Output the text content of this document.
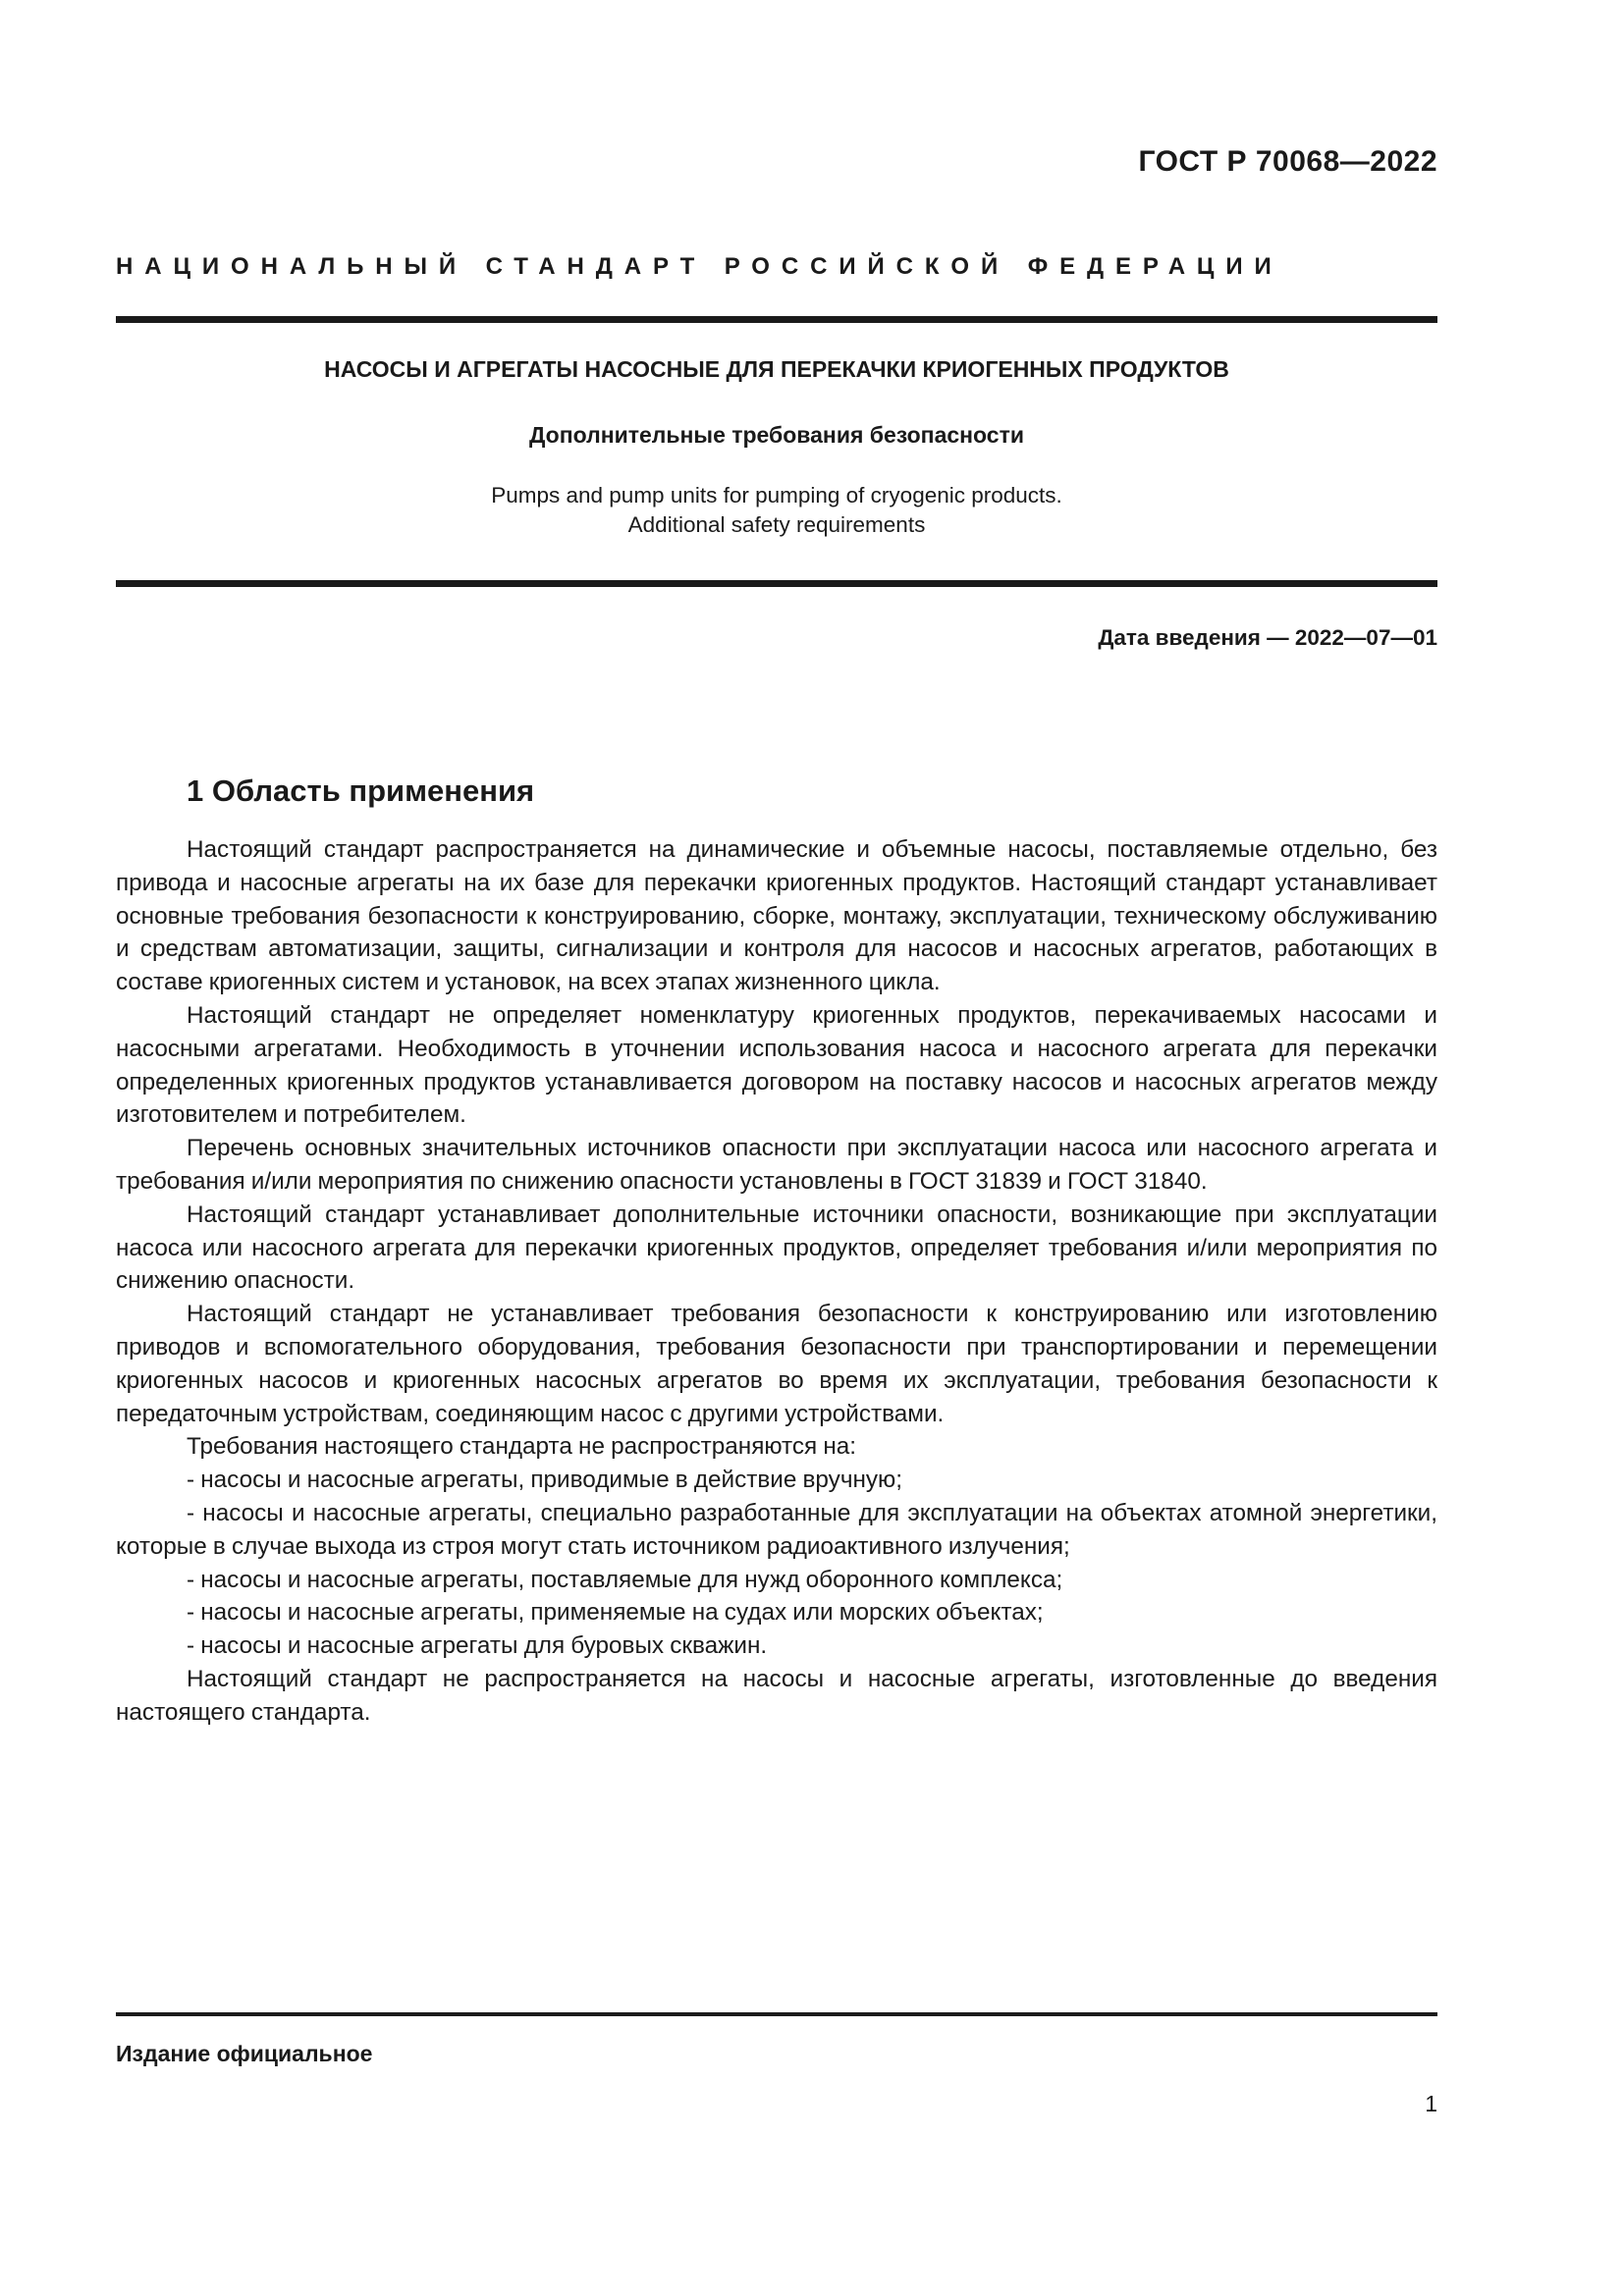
ГОСТ Р 70068—2022
НАЦИОНАЛЬНЫЙ СТАНДАРТ РОССИЙСКОЙ ФЕДЕРАЦИИ
НАСОСЫ И АГРЕГАТЫ НАСОСНЫЕ ДЛЯ ПЕРЕКАЧКИ КРИОГЕННЫХ ПРОДУКТОВ
Дополнительные требования безопасности
Pumps and pump units for pumping of cryogenic products.
Additional safety requirements
Дата введения — 2022—07—01
1 Область применения

Настоящий стандарт распространяется на динамические и объемные насосы, поставляемые отдельно, без привода и насосные агрегаты на их базе для перекачки криогенных продуктов. Настоящий стандарт устанавливает основные требования безопасности к конструированию, сборке, монтажу, эксплуатации, техническому обслуживанию и средствам автоматизации, защиты, сигнализации и контроля для насосов и насосных агрегатов, работающих в составе криогенных систем и установок, на всех этапах жизненного цикла.

Настоящий стандарт не определяет номенклатуру криогенных продуктов, перекачиваемых насосами и насосными агрегатами. Необходимость в уточнении использования насоса и насосного агрегата для перекачки определенных криогенных продуктов устанавливается договором на поставку насосов и насосных агрегатов между изготовителем и потребителем.

Перечень основных значительных источников опасности при эксплуатации насоса или насосного агрегата и требования и/или мероприятия по снижению опасности установлены в ГОСТ 31839 и ГОСТ 31840.

Настоящий стандарт устанавливает дополнительные источники опасности, возникающие при эксплуатации насоса или насосного агрегата для перекачки криогенных продуктов, определяет требования и/или мероприятия по снижению опасности.

Настоящий стандарт не устанавливает требования безопасности к конструированию или изготовлению приводов и вспомогательного оборудования, требования безопасности при транспортировании и перемещении криогенных насосов и криогенных насосных агрегатов во время их эксплуатации, требования безопасности к передаточным устройствам, соединяющим насос с другими устройствами.

Требования настоящего стандарта не распространяются на:

- насосы и насосные агрегаты, приводимые в действие вручную;

- насосы и насосные агрегаты, специально разработанные для эксплуатации на объектах атомной энергетики, которые в случае выхода из строя могут стать источником радиоактивного излучения;

- насосы и насосные агрегаты, поставляемые для нужд оборонного комплекса;

- насосы и насосные агрегаты, применяемые на судах или морских объектах;

- насосы и насосные агрегаты для буровых скважин.

Настоящий стандарт не распространяется на насосы и насосные агрегаты, изготовленные до введения настоящего стандарта.

Издание официальное
1
